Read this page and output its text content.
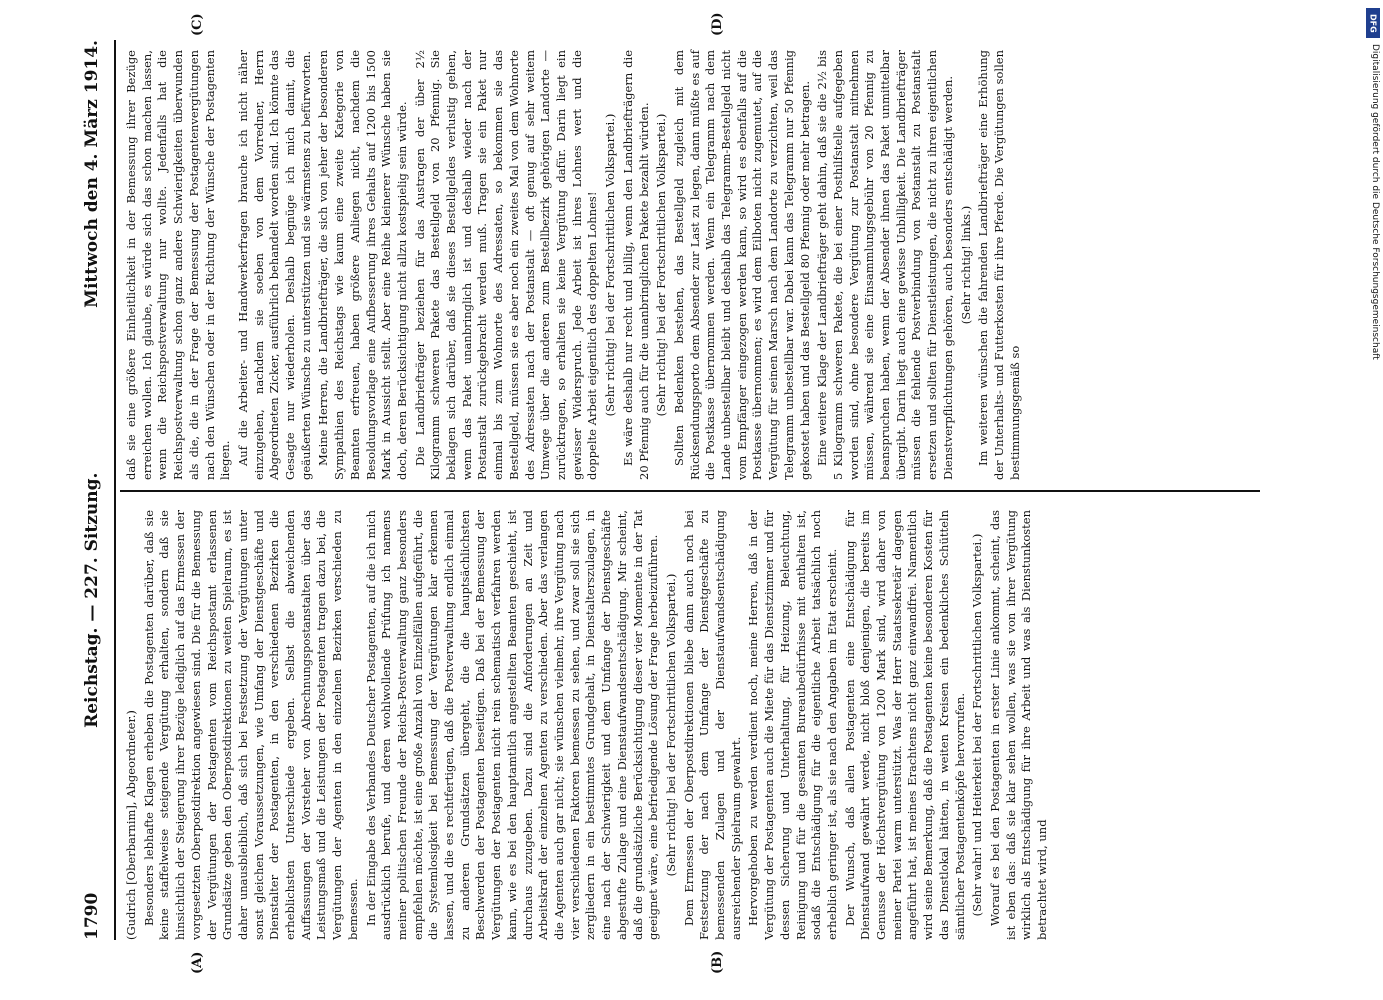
1790
Reichstag. — 227. Sitzung.
Mittwoch den 4. März 1914.

(Gudrich [Oberbarnim], Abgeordneter.) Besonders lebhafte Klagen erheben die Postagenten darüber, daß sie keine staffelweise steigende Vergütung erhalten, sondern daß sie hinsichtlich der Steigerung ihrer Bezüge lediglich auf das Ermessen der vorgesetzten Oberpostdirektion angewiesen sind. Die für die Bemessung der Vergütungen der Postagenten vom Reichspostamt erlassenen Grundsätze geben den Oberpostdirektionen zu weiten Spielraum, es ist daher unausbleiblich, daß sich bei Festsetzung der Vergütungen unter sonst gleichen Voraussetzungen, wie Umfang der Dienstgeschäfte und Dienstalter der Postagenten, in den verschiedenen Bezirken die erheblichsten Unterschiede ergeben. Selbst die abweichenden Auffassungen der Vorsteher von Abrechnungspostanstalten über das Leistungsmaß und die Leistungen der Postagenten tragen dazu bei, die Vergütungen der Agenten in den einzelnen Bezirken verschieden zu bemessen. In der Eingabe des Verbandes Deutscher Postagenten, auf die ich mich ausdrücklich berufe, und deren wohlwollende Prüfung ich namens meiner politischen Freunde der Reichs-Postverwaltung ganz besonders empfehlen möchte, ist eine große Anzahl von Einzelfällen aufgeführt, die die Systemlosigkeit bei Bemessung der Vergütungen klar erkennen lassen, und die es rechtfertigen, daß die Postverwaltung endlich einmal zu anderen Grundsätzen übergeht, die die hauptsächlichsten Beschwerden der Postagenten beseitigen. Daß bei der Bemessung der Vergütungen der Postagenten nicht rein schematisch verfahren werden kann, wie es bei den hauptamtlich angestellten Beamten geschieht, ist durchaus zuzugeben. Dazu sind die Anforderungen an Zeit und Arbeitskraft der einzelnen Agenten zu verschieden. Aber das verlangen die Agenten auch gar nicht; sie wünschen vielmehr, ihre Vergütung nach vier verschiedenen Faktoren bemessen zu sehen, und zwar soll sie sich zergliedern in ein bestimmtes Grundgehalt, in Dienstalterszulagen, in eine nach der Schwierigkeit und dem Umfange der Dienstgeschäfte abgestufte Zulage und eine Dienstaufwandsentschädigung. Mir scheint, daß die grundsätzliche Berücksichtigung dieser vier Momente in der Tat geeignet wäre, eine befriedigende Lösung der Frage herbeizuführen. (Sehr richtig! bei der Fortschrittlichen Volkspartei.) Dem Ermessen der Oberpostdirektionen bliebe dann auch noch bei Festsetzung der nach dem Umfange der Dienstgeschäfte zu bemessenden Zulagen und der Dienstaufwandsentschädigung ausreichender Spielraum gewahrt. Hervorgehoben zu werden verdient noch, meine Herren, daß in der Vergütung der Postagenten auch die Miete für das Dienstzimmer und für dessen Sicherung und Unterhaltung, für Heizung, Beleuchtung, Reinigung und für die gesamten Bureaubedürfnisse mit enthalten ist, sodaß die Entschädigung für die eigentliche Arbeit tatsächlich noch erheblich geringer ist, als sie nach den Angaben im Etat erscheint. Der Wunsch, daß allen Postagenten eine Entschädigung für Dienstaufwand gewährt werde, nicht bloß denjenigen, die bereits im Genusse der Höchstvergütung von 1200 Mark sind, wird daher von meiner Partei warm unterstützt. Was der Herr Staatssekretär dagegen angeführt hat, ist meines Erachtens nicht ganz einwandfrei. Namentlich wird seine Bemerkung, daß die Postagenten keine besonderen Kosten für das Dienstlokal hätten, in weiten Kreisen ein bedenkliches Schütteln sämtlicher Postagentenköpfe hervorrufen. (Sehr wahr! und Heiterkeit bei der Fortschrittlichen Volkspartei.) Worauf es bei den Postagenten in erster Linie ankommt, scheint, das ist eben das: daß sie klar sehen wollen, was sie von ihrer Vergütung wirklich als Entschädigung für ihre Arbeit und was als Dienstunkosten betrachtet wird, und

daß sie eine größere Einheitlichkeit in der Bemessung ihrer Bezüge erreichen wollen. Ich glaube, es würde sich das schon machen lassen, wenn die Reichspostverwaltung nur wollte. Jedenfalls hat die Reichspostverwaltung schon ganz andere Schwierigkeiten überwunden als die, die in der Frage der Bemessung der Postagentenvergütungen nach den Wünschen oder in der Richtung der Wünsche der Postagenten liegen. Auf die Arbeiter- und Handwerkerfragen brauche ich nicht näher einzugehen, nachdem sie soeben von dem Vorredner, Herrn Abgeordneten Zicker, ausführlich behandelt worden sind. Ich könnte das Gesagte nur wiederholen. Deshalb begnüge ich mich damit, die geäußerten Wünsche zu unterstützen und sie wärmstens zu befürworten. Meine Herren, die Landbriefträger, die sich von jeher der besonderen Sympathien des Reichstags wie kaum eine zweite Kategorie von Beamten erfreuen, haben größere Anliegen nicht, nachdem die Besoldungsvorlage eine Aufbesserung ihres Gehalts auf 1200 bis 1500 Mark in Aussicht stellt. Aber eine Reihe kleinerer Wünsche haben sie doch, deren Berücksichtigung nicht allzu kostspielig sein würde. Die Landbriefträger beziehen für das Austragen der über 2½ Kilogramm schweren Pakete das Bestellgeld von 20 Pfennig. Sie beklagen sich darüber, daß sie dieses Bestellgeldes verlustig gehen, wenn das Paket unanbringlich ist und deshalb wieder nach der Postanstalt zurückgebracht werden muß. Tragen sie ein Paket nur einmal bis zum Wohnorte des Adressaten, so bekommen sie das Bestellgeld, müssen sie es aber noch ein zweites Mal von dem Wohnorte des Adressaten nach der Postanstalt — oft genug auf sehr weitem Umwege über die anderen zum Bestellbezirk gehörigen Landorte — zurücktragen, so erhalten sie keine Vergütung dafür. Darin liegt ein gewisser Widerspruch. Jede Arbeit ist ihres Lohnes wert und die doppelte Arbeit eigentlich des doppelten Lohnes! (Sehr richtig! bei der Fortschrittlichen Volkspartei.) Es wäre deshalb nur recht und billig, wenn den Landbriefträgern die 20 Pfennig auch für die unanbringlichen Pakete bezahlt würden. (Sehr richtig! bei der Fortschrittlichen Volkspartei.) Sollten Bedenken bestehen, das Bestellgeld zugleich mit dem Rücksendungsporto dem Absender zur Last zu legen, dann müßte es auf die Postkasse übernommen werden. Wenn ein Telegramm nach dem Lande unbestellbar bleibt und deshalb das Telegramm-Bestellgeld nicht vom Empfänger eingezogen werden kann, so wird es ebenfalls auf die Postkasse übernommen; es wird dem Eilboten nicht zugemutet, auf die Vergütung für seinen Marsch nach dem Landorte zu verzichten, weil das Telegramm unbestellbar war. Dabei kann das Telegramm nur 50 Pfennig gekostet haben und das Bestellgeld 80 Pfennig oder mehr betragen. Eine weitere Klage der Landbriefträger geht dahin, daß sie die 2½ bis 5 Kilogramm schweren Pakete, die bei einer Posthilfstelle aufgegeben worden sind, ohne besondere Vergütung zur Postanstalt mitnehmen müssen, während sie eine Einsammlungsgebühr von 20 Pfennig zu beanspruchen haben, wenn der Absender ihnen das Paket unmittelbar übergibt. Darin liegt auch eine gewisse Unbilligkeit. Die Landbriefträger müssen die fehlende Postverbindung von Postanstalt zu Postanstalt ersetzen und sollten für Dienstleistungen, die nicht zu ihren eigentlichen Dienstverpflichtungen gehören, auch besonders entschädigt werden. (Sehr richtig! links.) Im weiteren wünschen die fahrenden Landbriefträger eine Erhöhung der Unterhalts- und Futterkosten für ihre Pferde. Die Vergütungen sollen bestimmungsgemäß so

(A)	(B)
(C)	(D)	DFG
Digitalisierung gefördert durch die Deutsche Forschungsgemeinschaft
